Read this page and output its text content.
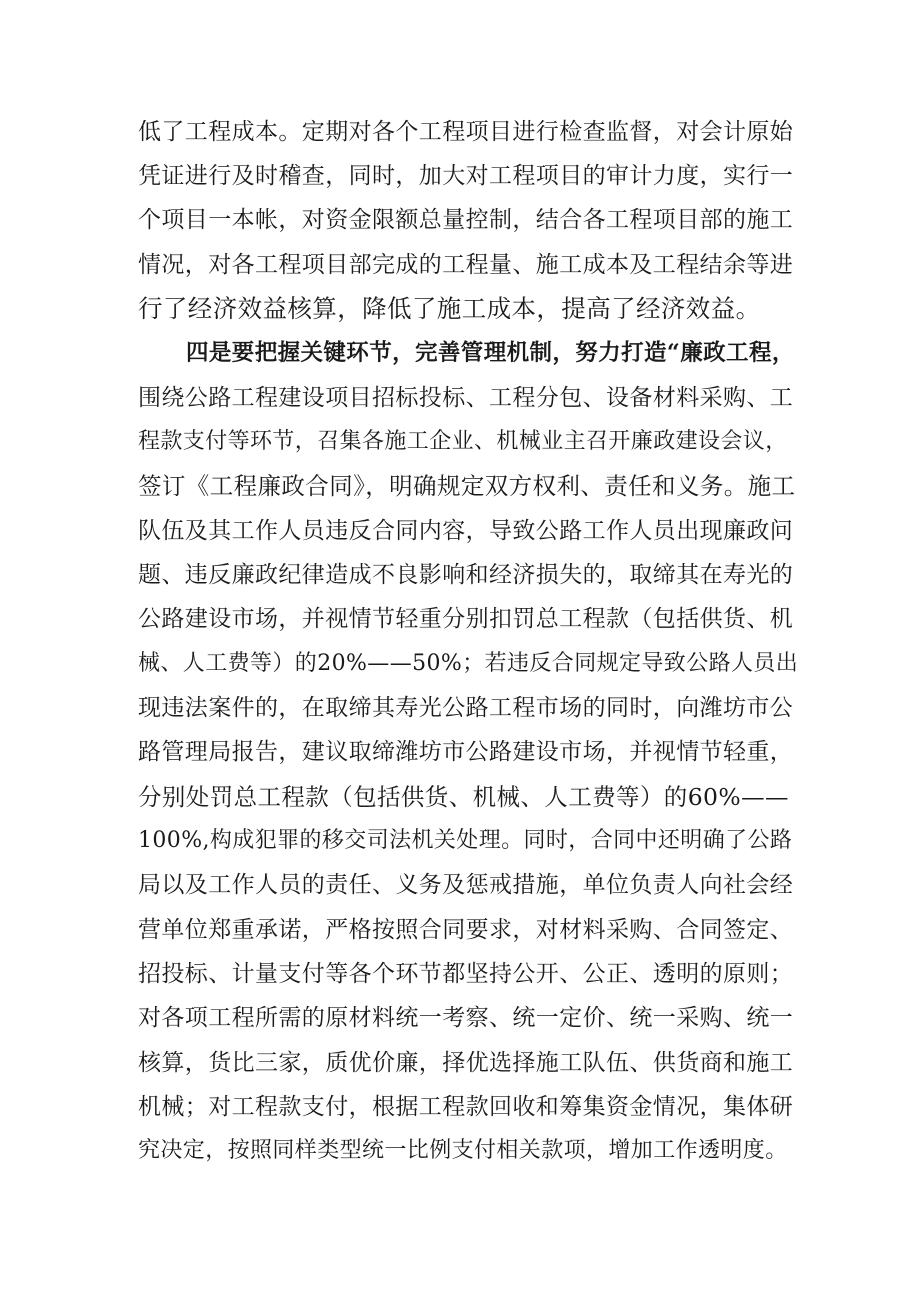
低了工程成本。定期对各个工程项目进行检查监督，对会计原始
凭证进行及时稽查，同时，加大对工程项目的审计力度，实行一
个项目一本帐，对资金限额总量控制，结合各工程项目部的施工
情况，对各工程项目部完成的工程量、施工成本及工程结余等进
行了经济效益核算，降低了施工成本，提高了经济效益。
四是要把握关键环节，完善管理机制，努力打造“廉政工程，
围绕公路工程建设项目招标投标、工程分包、设备材料采购、工
程款支付等环节，召集各施工企业、机械业主召开廉政建设会议，
签订《工程廉政合同》，明确规定双方权利、责任和义务。施工
队伍及其工作人员违反合同内容，导致公路工作人员出现廉政问
题、违反廉政纪律造成不良影响和经济损失的，取缔其在寿光的
公路建设市场，并视情节轻重分别扣罚总工程款（包括供货、机
械、人工费等）的20%——50%；若违反合同规定导致公路人员出
现违法案件的，在取缔其寿光公路工程市场的同时，向潍坊市公
路管理局报告，建议取缔潍坊市公路建设市场，并视情节轻重，
分别处罚总工程款（包括供货、机械、人工费等）的60%——
100%,构成犯罪的移交司法机关处理。同时，合同中还明确了公路
局以及工作人员的责任、义务及惩戒措施，单位负责人向社会经
营单位郑重承诺，严格按照合同要求，对材料采购、合同签定、
招投标、计量支付等各个环节都坚持公开、公正、透明的原则；
对各项工程所需的原材料统一考察、统一定价、统一采购、统一
核算，货比三家，质优价廉，择优选择施工队伍、供货商和施工
机械；对工程款支付，根据工程款回收和筹集资金情况，集体研
究决定，按照同样类型统一比例支付相关款项，增加工作透明度。
